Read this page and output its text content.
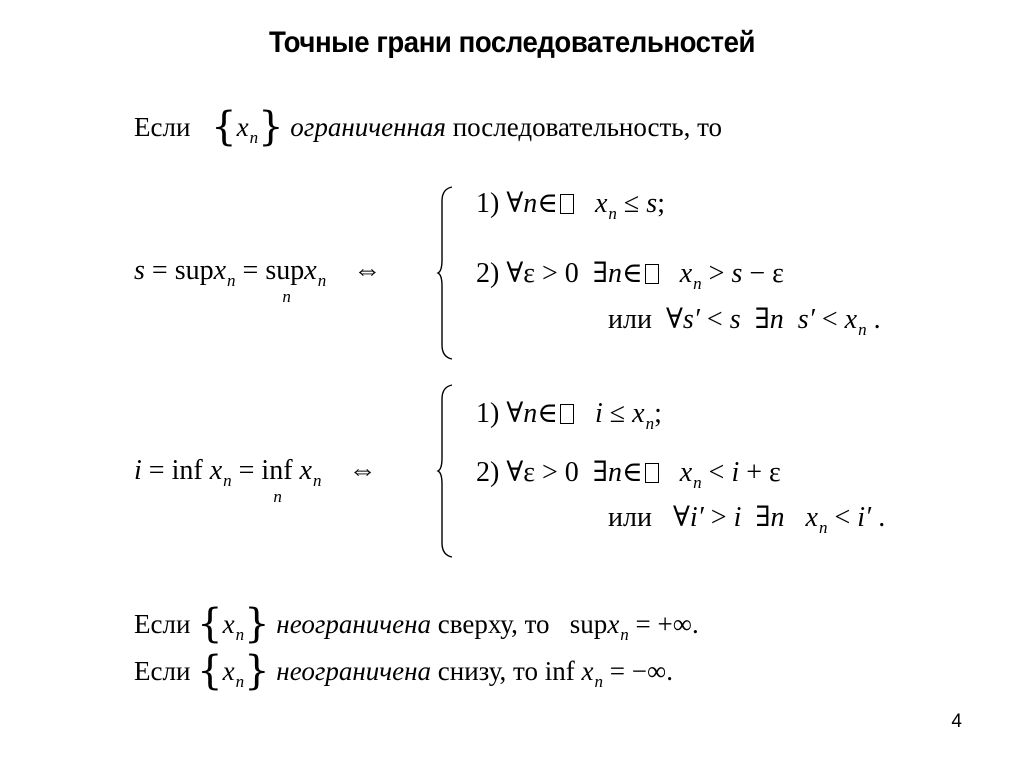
Точные грани последовательностей
Если $\{x_n\}$ ограниченная последовательность, то
s = supx$_n$ = sup
n
$x_n$ ⇔
1) ∀n∈ $x_n \le s$;
2) ∀ε > 0 ∃n∈ $x_n > s - \varepsilon$
или ∀s′ < s ∃n $s' < x_n$ .
i = inf $x_n$ = inf
n
$x_n$ ⇔
1) ∀n∈ $i \le x_n$;
2) ∀ε > 0 ∃n∈ $x_n < i + \varepsilon$
или ∀i′ > i ∃n $x_n < i'$ .
Если $\{x_n\}$ неограничена сверху, то supx$_n$ = +∞.
Если $\{x_n\}$ неограничена снизу, то inf $x_n$ = −∞.
4
